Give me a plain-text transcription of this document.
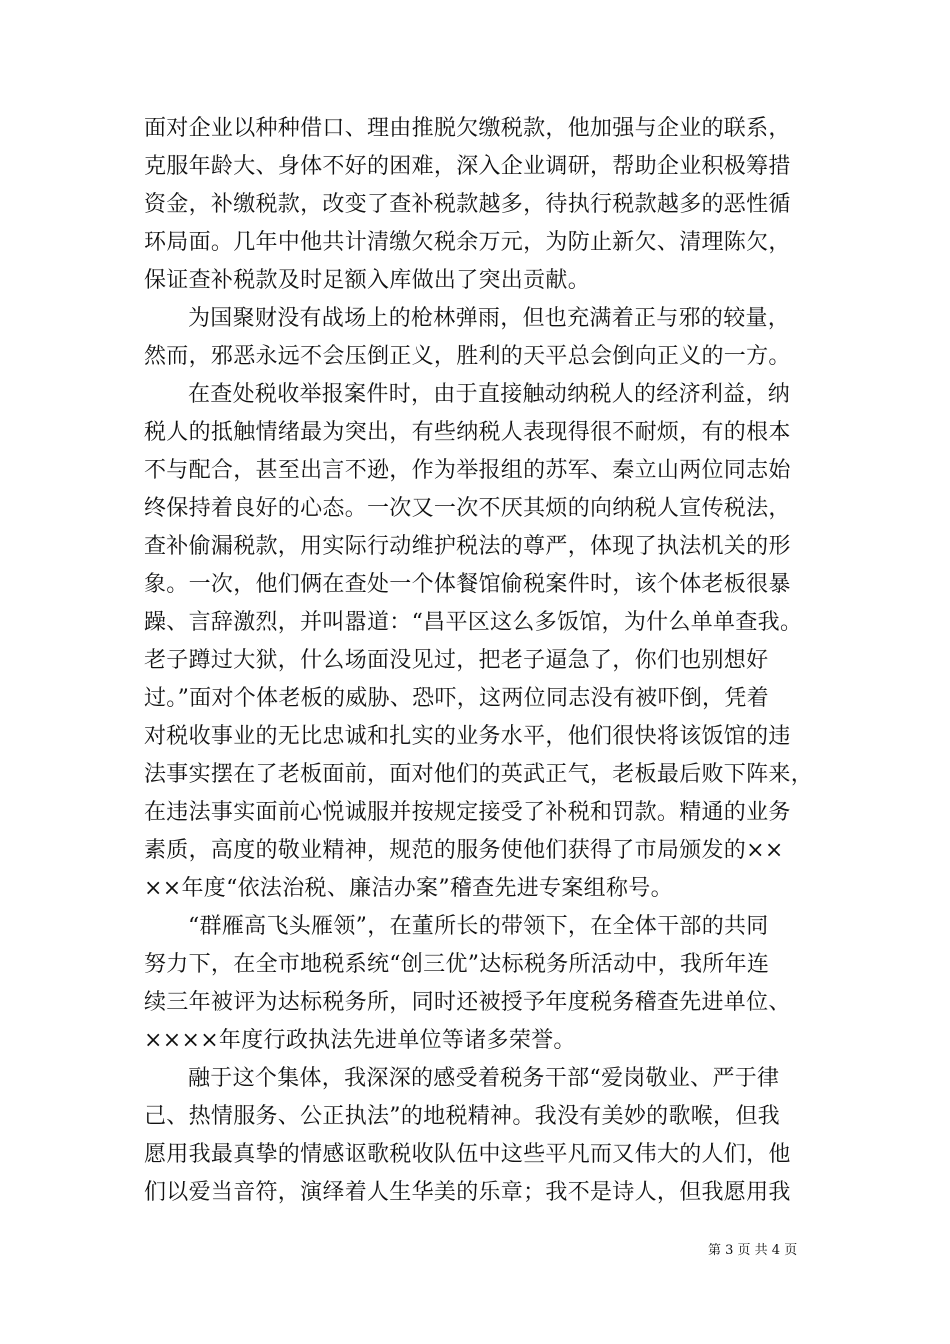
面对企业以种种借口、理由推脱欠缴税款，他加强与企业的联系，
克服年龄大、身体不好的困难，深入企业调研，帮助企业积极筹措
资金，补缴税款，改变了查补税款越多，待执行税款越多的恶性循
环局面。几年中他共计清缴欠税余万元，为防止新欠、清理陈欠，
保证查补税款及时足额入库做出了突出贡献。
为国聚财没有战场上的枪林弹雨，但也充满着正与邪的较量，
然而，邪恶永远不会压倒正义，胜利的天平总会倒向正义的一方。
在查处税收举报案件时，由于直接触动纳税人的经济利益，纳
税人的抵触情绪最为突出，有些纳税人表现得很不耐烦，有的根本
不与配合，甚至出言不逊，作为举报组的苏军、秦立山两位同志始
终保持着良好的心态。一次又一次不厌其烦的向纳税人宣传税法，
查补偷漏税款，用实际行动维护税法的尊严，体现了执法机关的形
象。一次，他们俩在查处一个体餐馆偷税案件时，该个体老板很暴
躁、言辞激烈，并叫嚣道：“昌平区这么多饭馆，为什么单单查我。
老子蹲过大狱，什么场面没见过，把老子逼急了，你们也别想好
过。”面对个体老板的威胁、恐吓，这两位同志没有被吓倒，凭着
对税收事业的无比忠诚和扎实的业务水平，他们很快将该饭馆的违
法事实摆在了老板面前，面对他们的英武正气，老板最后败下阵来，
在违法事实面前心悦诚服并按规定接受了补税和罚款。精通的业务
素质，高度的敬业精神，规范的服务使他们获得了市局颁发的××
××年度“依法治税、廉洁办案”稽查先进专案组称号。
“群雁高飞头雁领”，在董所长的带领下，在全体干部的共同
努力下，在全市地税系统“创三优”达标税务所活动中，我所年连
续三年被评为达标税务所，同时还被授予年度税务稽查先进单位、
××××年度行政执法先进单位等诸多荣誉。
融于这个集体，我深深的感受着税务干部“爱岗敬业、严于律
己、热情服务、公正执法”的地税精神。我没有美妙的歌喉，但我
愿用我最真挚的情感讴歌税收队伍中这些平凡而又伟大的人们，他
们以爱当音符，演绎着人生华美的乐章；我不是诗人，但我愿用我
第 3 页 共 4 页
